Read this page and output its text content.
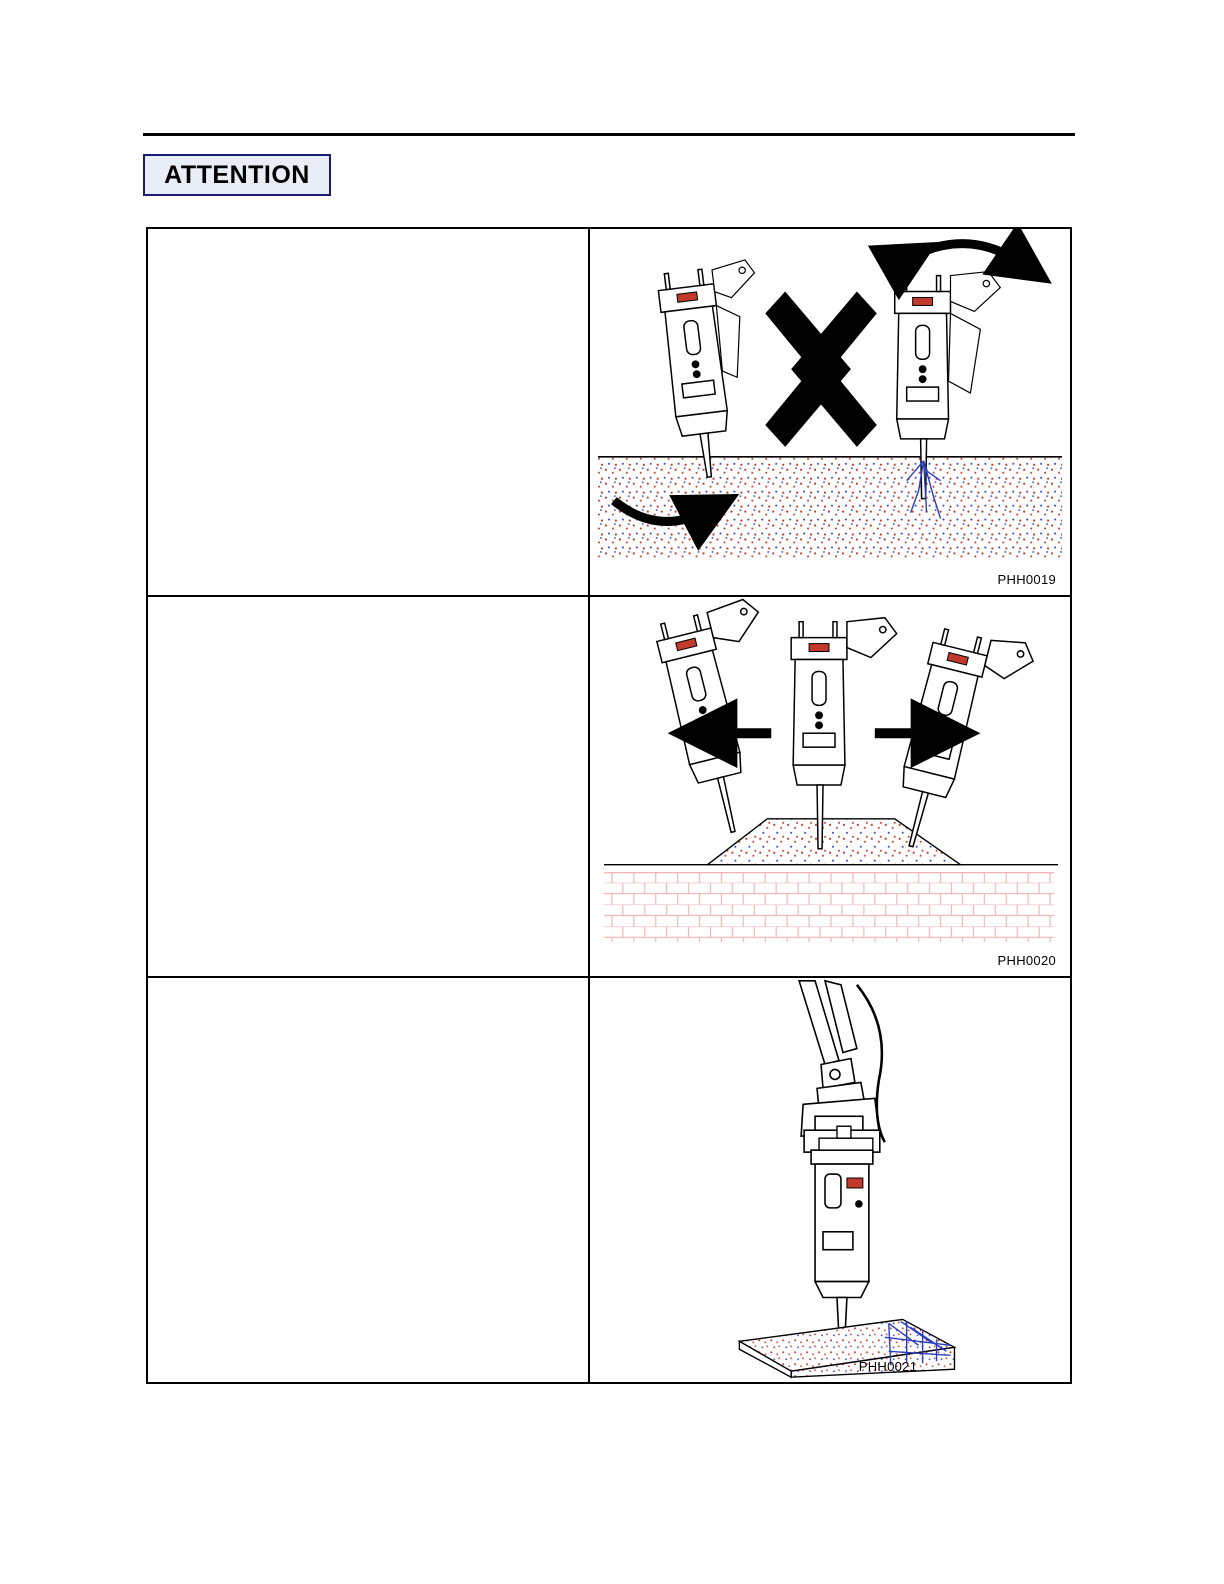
ATTENTION
PHH0019
PHH0020
PHH0021
